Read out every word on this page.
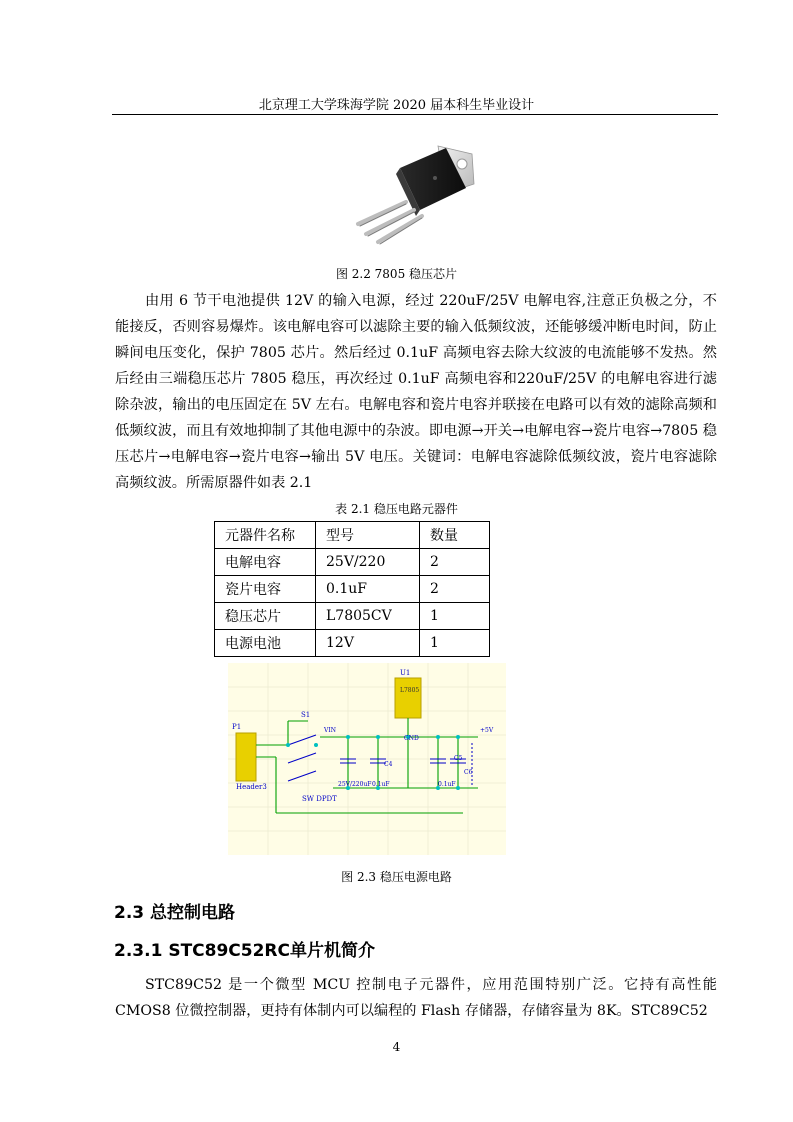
北京理工大学珠海学院 2020 届本科生毕业设计
图 2.2 7805 稳压芯片

由用 6 节干电池提供 12V 的输入电源，经过 220uF/25V 电解电容,注意正负极之分，不能接反，否则容易爆炸。该电解电容可以滤除主要的输入低频纹波，还能够缓冲断电时间，防止瞬间电压变化，保护 7805 芯片。然后经过 0.1uF 高频电容去除大纹波的电流能够不发热。然后经由三端稳压芯片 7805 稳压，再次经过 0.1uF 高频电容和220uF/25V 的电解电容进行滤除杂波，输出的电压固定在 5V 左右。电解电容和瓷片电容并联接在电路可以有效的滤除高频和低频纹波，而且有效地抑制了其他电源中的杂波。即电源→开关→电解电容→瓷片电容→7805 稳压芯片→电解电容→瓷片电容→输出 5V 电压。关键词：电解电容滤除低频纹波，瓷片电容滤除高频纹波。所需原器件如表 2.1

表 2.1 稳压电路元器件
元器件名称	型号	数量
电解电容	25V/220	2
瓷片电容	0.1uF	2
稳压芯片	L7805CV	1
电源电池	12V	1
P1
S1
VIN
U1
L7805
GND
+5V
Header3
SW DPDT
25V/220uF 0.1uF	0.1uF
C4
C5
C6
图 2.3 稳压电源电路
2.3 总控制电路
2.3.1 STC89C52RC单片机简介

STC89C52 是一个微型 MCU 控制电子元器件，应用范围特别广泛。它持有高性能 CMOS8 位微控制器，更持有体制内可以编程的 Flash 存储器，存储容量为 8K。STC89C52

4
